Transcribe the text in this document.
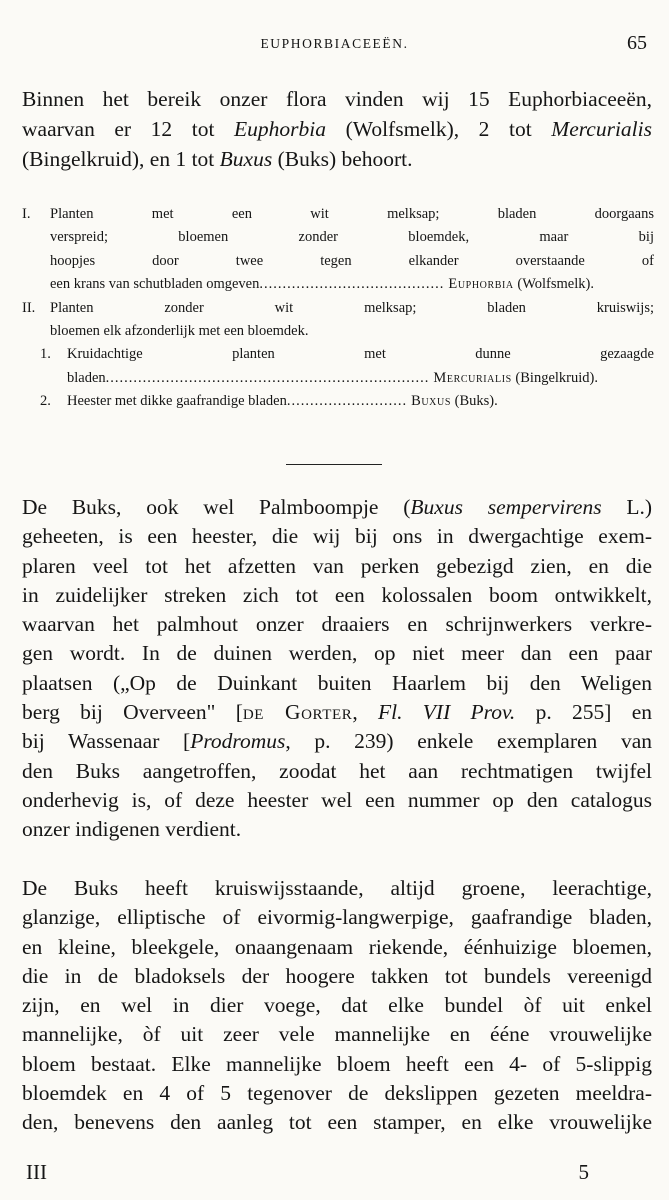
EUPHORBIACEEËN.	65
Binnen het bereik onzer flora vinden wij 15 Euphorbiaceeën,
waarvan er 12 tot Euphorbia (Wolfsmelk), 2 tot Mercurialis
(Bingelkruid), en 1 tot Buxus (Buks) behoort.
I.	Planten met een wit melksap; bladen doorgaans
verspreid; bloemen zonder bloemdek, maar bij
hoopjes door twee tegen elkander overstaande of
een krans van schutbladen omgeven........................................ Euphorbia (Wolfsmelk).
II.	Planten zonder wit melksap; bladen kruiswijs;
bloemen elk afzonderlijk met een bloemdek.
1.	Kruidachtige planten met dunne gezaagde
bladen...................................................................... Mercurialis (Bingelkruid).
2.	Heester met dikke gaafrandige bladen.......................... Buxus (Buks).
De Buks, ook wel Palmboompje (Buxus sempervirens L.)
geheeten, is een heester, die wij bij ons in dwergachtige exem-
plaren veel tot het afzetten van perken gebezigd zien, en die
in zuidelijker streken zich tot een kolossalen boom ontwikkelt,
waarvan het palmhout onzer draaiers en schrijnwerkers verkre-
gen wordt. In de duinen werden, op niet meer dan een paar
plaatsen („Op de Duinkant buiten Haarlem bij den Weligen
berg bij Overveen" [de Gorter, Fl. VII Prov. p. 255] en
bij Wassenaar [Prodromus, p. 239) enkele exemplaren van
den Buks aangetroffen, zoodat het aan rechtmatigen twijfel
onderhevig is, of deze heester wel een nummer op den catalogus
onzer indigenen verdient.
De Buks heeft kruiswijsstaande, altijd groene, leerachtige,
glanzige, elliptische of eivormig-langwerpige, gaafrandige bladen,
en kleine, bleekgele, onaangenaam riekende, éénhuizige bloemen,
die in de bladoksels der hoogere takken tot bundels vereenigd
zijn, en wel in dier voege, dat elke bundel òf uit enkel
mannelijke, òf uit zeer vele mannelijke en ééne vrouwelijke
bloem bestaat. Elke mannelijke bloem heeft een 4- of 5-slippig
bloemdek en 4 of 5 tegenover de dekslippen gezeten meeldra-
den, benevens den aanleg tot een stamper, en elke vrouwelijke
III	5
